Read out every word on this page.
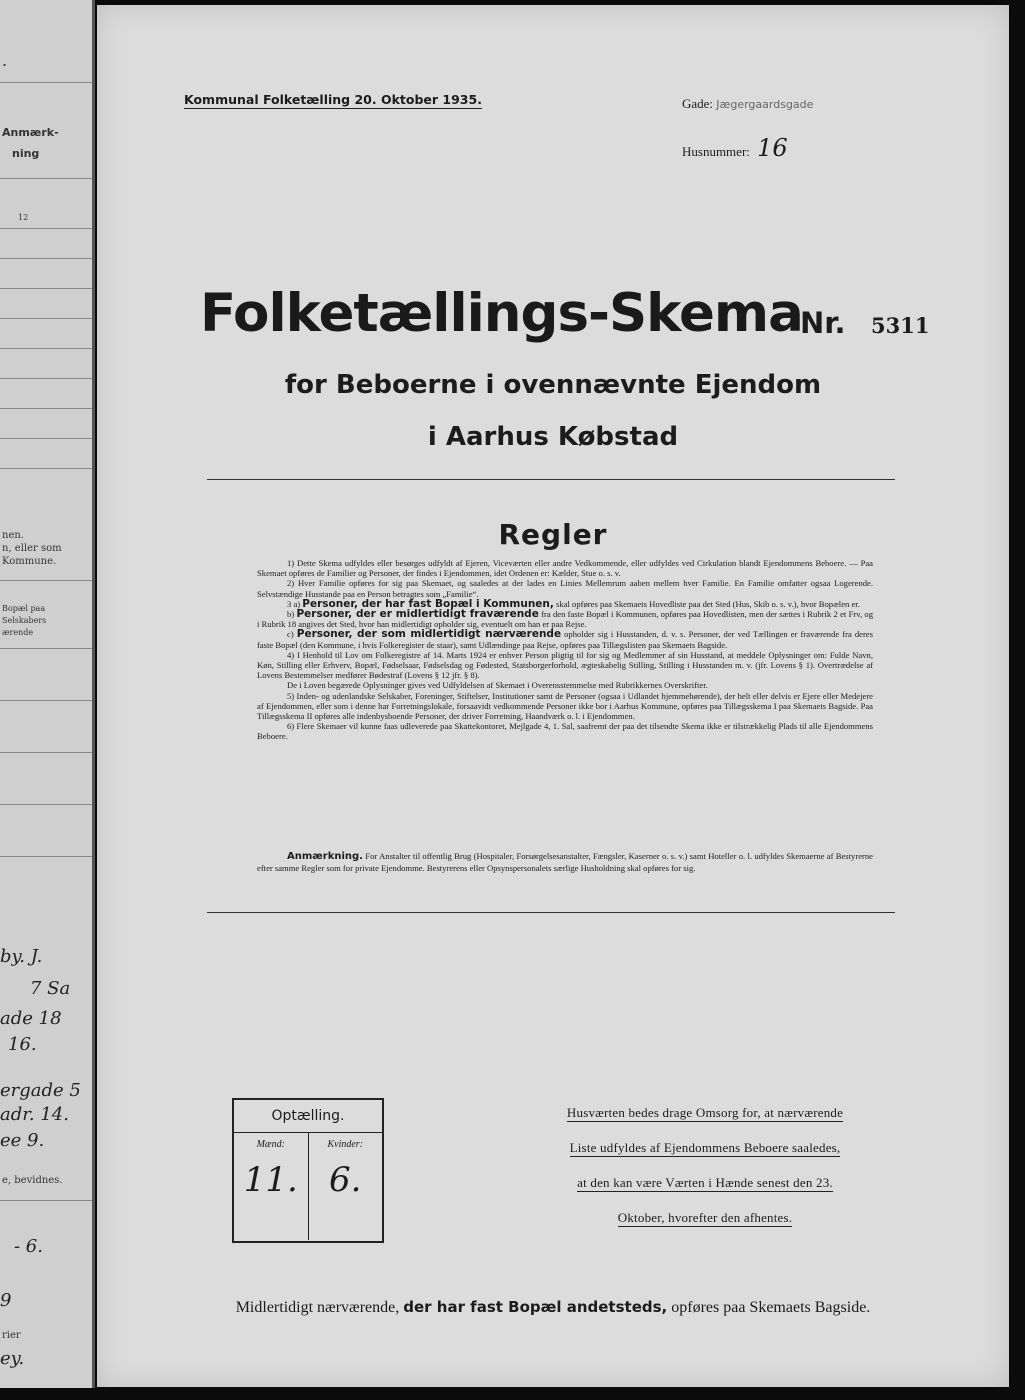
.
Anmærk-
ning
12
nen.
n, eller som
Kommune.
Bopæl paa
Selskabers
ærende
by. J.
7 Sa
ade 18
16.
ergade 5
adr. 14.
ee 9.
e, bevidnes.
- 6.
9
rier
ey.
Kommunal Folketælling 20. Oktober 1935.	Gade: Jægergaardsgade
Husnummer: 16
Folketællings-Skema
Nr. 5311
for Beboerne i ovennævnte Ejendom
i Aarhus Købstad
Regler

1) Dette Skema udfyldes eller besørges udfyldt af Ejeren, Viceværten eller andre Vedkommende, eller udfyldes ved Cirkulation blandt Ejendommens Beboere. — Paa Skemaet opføres de Familier og Personer, der findes i Ejendommen, idet Ordenen er: Kælder, Stue o. s. v.

2) Hver Familie opføres for sig paa Skemaet, og saaledes at der lades en Linies Mellemrum aaben mellem hver Familie. En Familie omfatter ogsaa Logerende. Selvstændige Husstande paa en Person betragtes som „Familie“.

3 a) Personer, der har fast Bopæl i Kommunen, skal opføres paa Skemaets Hovedliste paa det Sted (Hus, Skib o. s. v.), hvor Bopælen er.

b) Personer, der er midlertidigt fraværende fra den faste Bopæl i Kommunen, opføres paa Hovedlisten, men der sættes i Rubrik 2 et Frv, og i Rubrik 18 angives det Sted, hvor han midlertidigt opholder sig, eventuelt om han er paa Rejse.

c) Personer, der som midlertidigt nærværende opholder sig i Husstanden, d. v. s. Personer, der ved Tællingen er fraværende fra deres faste Bopæl (den Kommune, i hvis Folkeregister de staar), samt Udlændinge paa Rejse, opføres paa Tillægslisten paa Skemaets Bagside.

4) I Henhold til Lov om Folkeregistre af 14. Marts 1924 er enhver Person pligtig til for sig og Medlemmer af sin Husstand, at meddele Oplysninger om: Fulde Navn, Køn, Stilling eller Erhverv, Bopæl, Fødselsaar, Fødselsdag og Fødested, Statsborgerforhold, ægteskabelig Stilling, Stilling i Husstanden m. v. (jfr. Lovens § 1). Overtrædelse af Lovens Bestemmelser medfører Bødestraf (Lovens § 12 jfr. § 8).

De i Loven begærede Oplysninger gives ved Udfyldelsen af Skemaet i Overensstemmelse med Rubrikkernes Overskrifter.

5) Inden- og udenlandske Selskaber, Foreninger, Stiftelser, Institutioner samt de Personer (ogsaa i Udlandet hjemmehørende), der helt eller delvis er Ejere eller Medejere af Ejendommen, eller som i denne har Forretningslokale, forsaavidt vedkommende Personer ikke bor i Aarhus Kommune, opføres paa Tillægsskema I paa Skemaets Bagside. Paa Tillægsskema II opføres alle indenbysboende Personer, der driver Forretning, Haandværk o. l. i Ejendommen.

6) Flere Skemaer vil kunne faas udleverede paa Skattekontoret, Mejlgade 4, 1. Sal, saafremt der paa det tilsendte Skema ikke er tilstrækkelig Plads til alle Ejendommens Beboere.

Anmærkning. For Anstalter til offentlig Brug (Hospitaler, Forsørgelsesanstalter, Fængsler, Kaserner o. s. v.) samt Hoteller o. l. udfyldes Skemaerne af Bestyrerne efter samme Regler som for private Ejendomme. Bestyrerens eller Opsynspersonalets særlige Husholdning skal opføres for sig.
Optælling.
Mænd:
11.
Kvinder:
6.
Husværten bedes drage Omsorg for, at nærværende
Liste udfyldes af Ejendommens Beboere saaledes,
at den kan være Værten i Hænde senest den 23.
Oktober, hvorefter den afhentes.
Midlertidigt nærværende, der har fast Bopæl andetsteds, opføres paa Skemaets Bagside.
